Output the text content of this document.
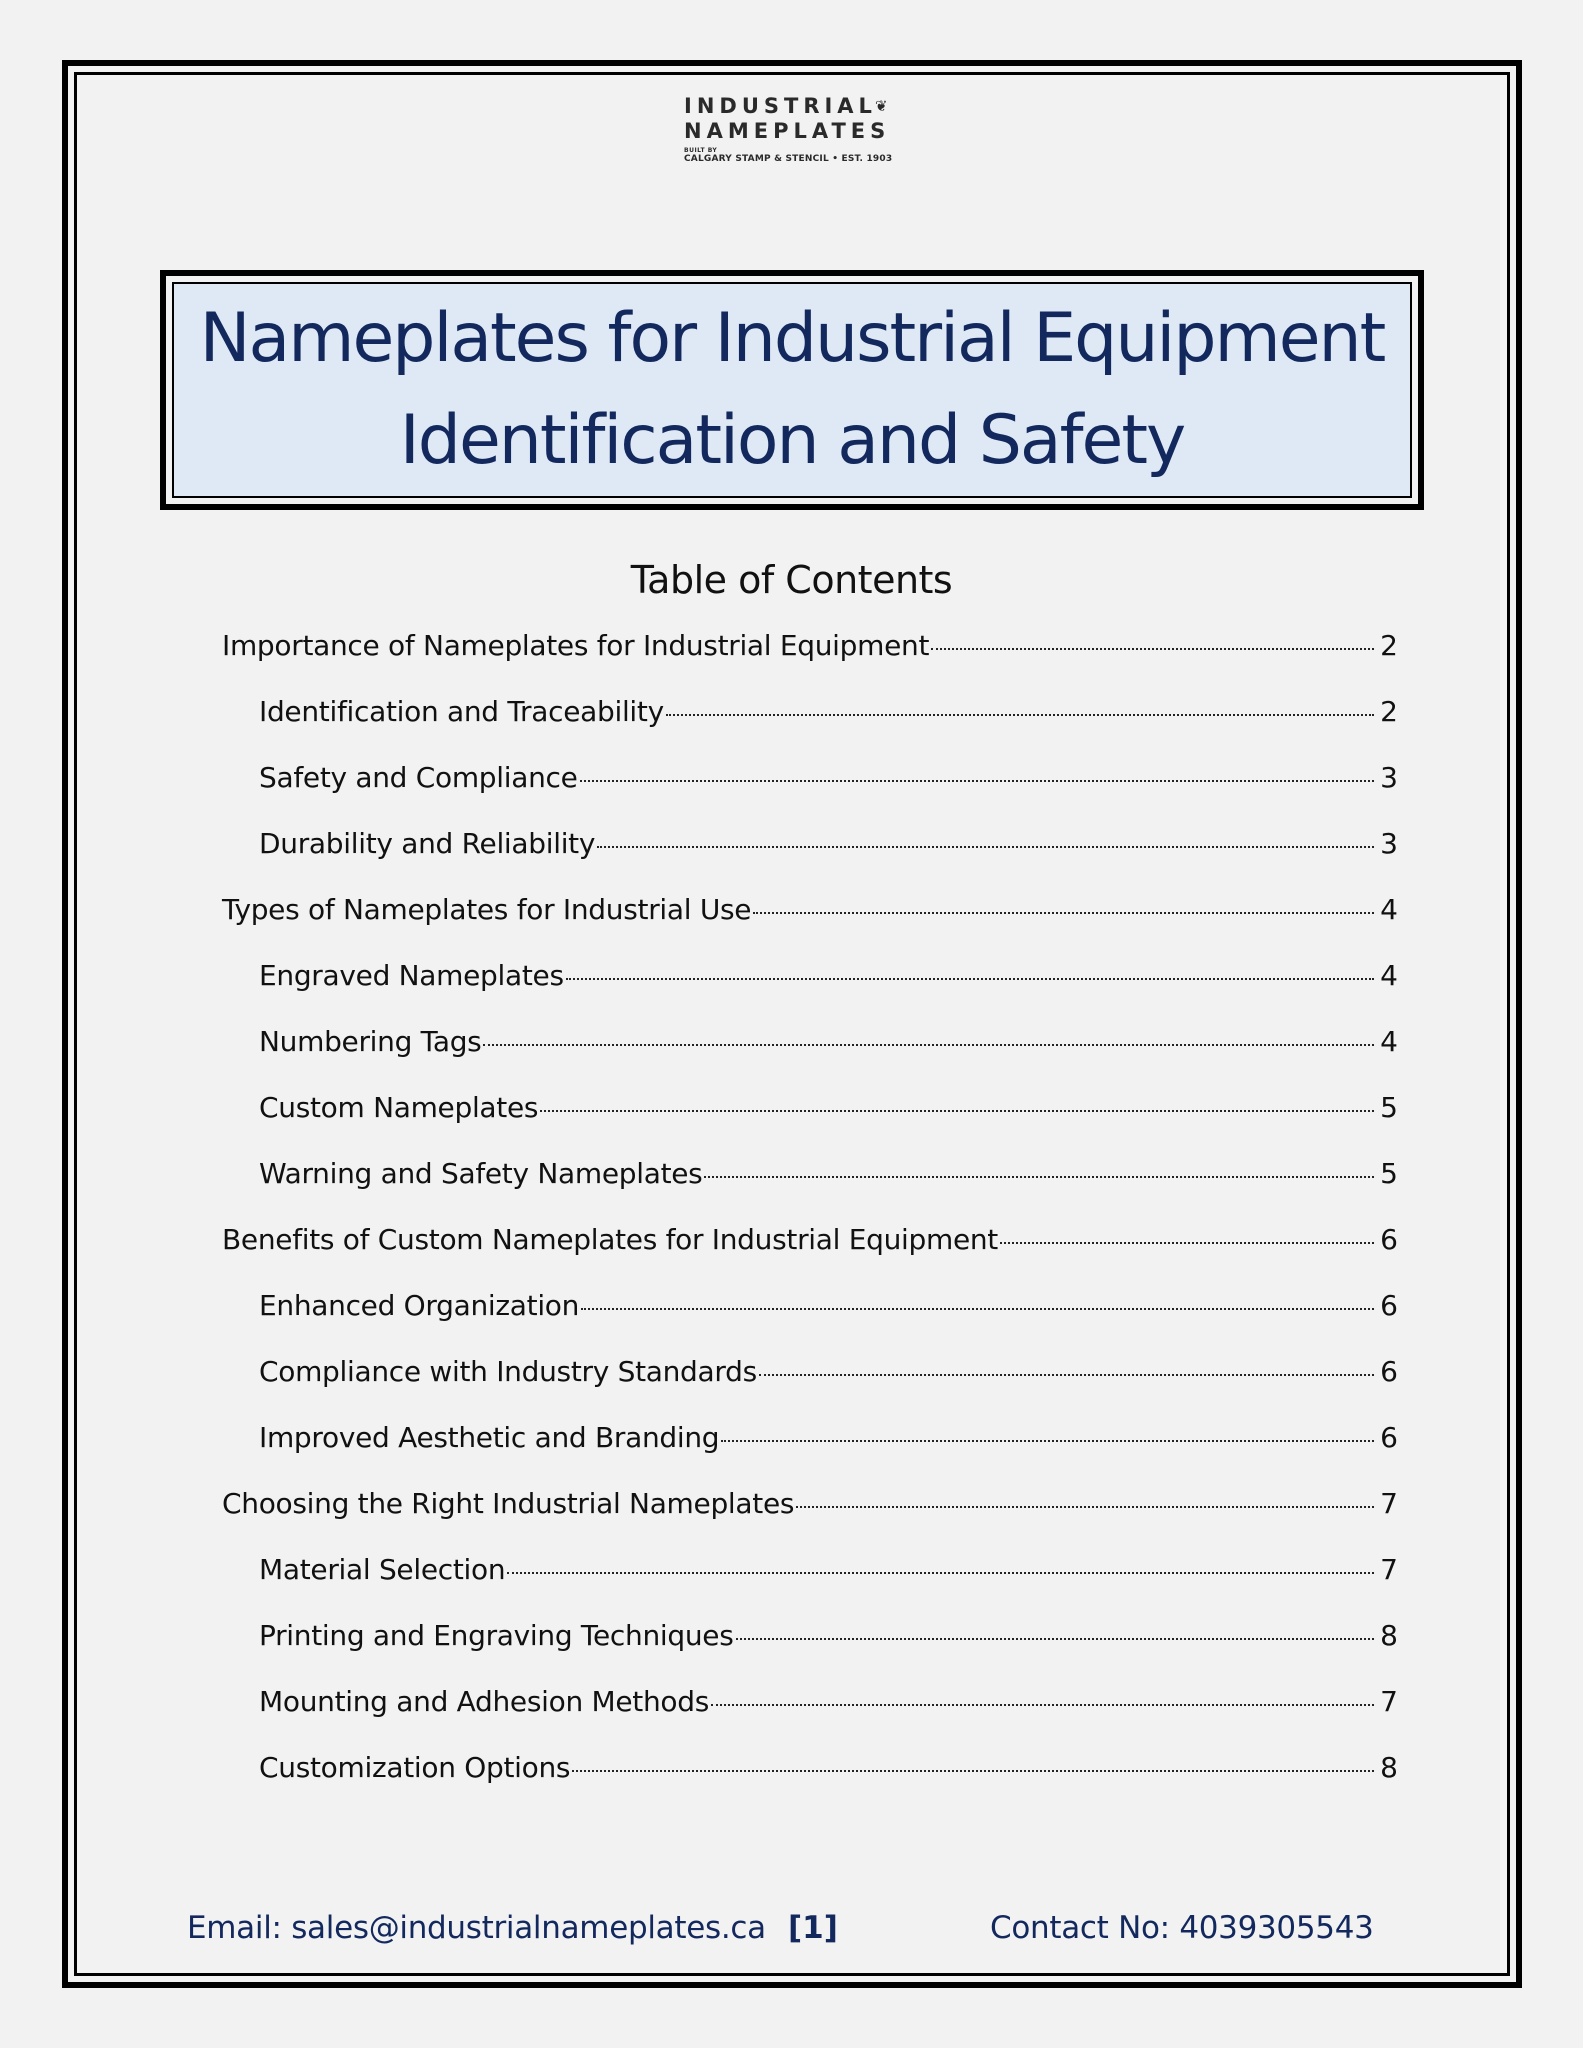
INDUSTRIAL❦
NAMEPLATES
BUILT BY
CALGARY STAMP & STENCIL • EST. 1903
Nameplates for Industrial Equipment
Identification and Safety
Table of Contents
Importance of Nameplates for Industrial Equipment	2
Identification and Traceability	2
Safety and Compliance	3
Durability and Reliability	3
Types of Nameplates for Industrial Use	4
Engraved Nameplates	4
Numbering Tags	4
Custom Nameplates	5
Warning and Safety Nameplates	5
Benefits of Custom Nameplates for Industrial Equipment	6
Enhanced Organization	6
Compliance with Industry Standards	6
Improved Aesthetic and Branding	6
Choosing the Right Industrial Nameplates	7
Material Selection	7
Printing and Engraving Techniques	8
Mounting and Adhesion Methods	7
Customization Options	8
Email: sales@industrialnameplates.ca [1]	Contact No: 4039305543
